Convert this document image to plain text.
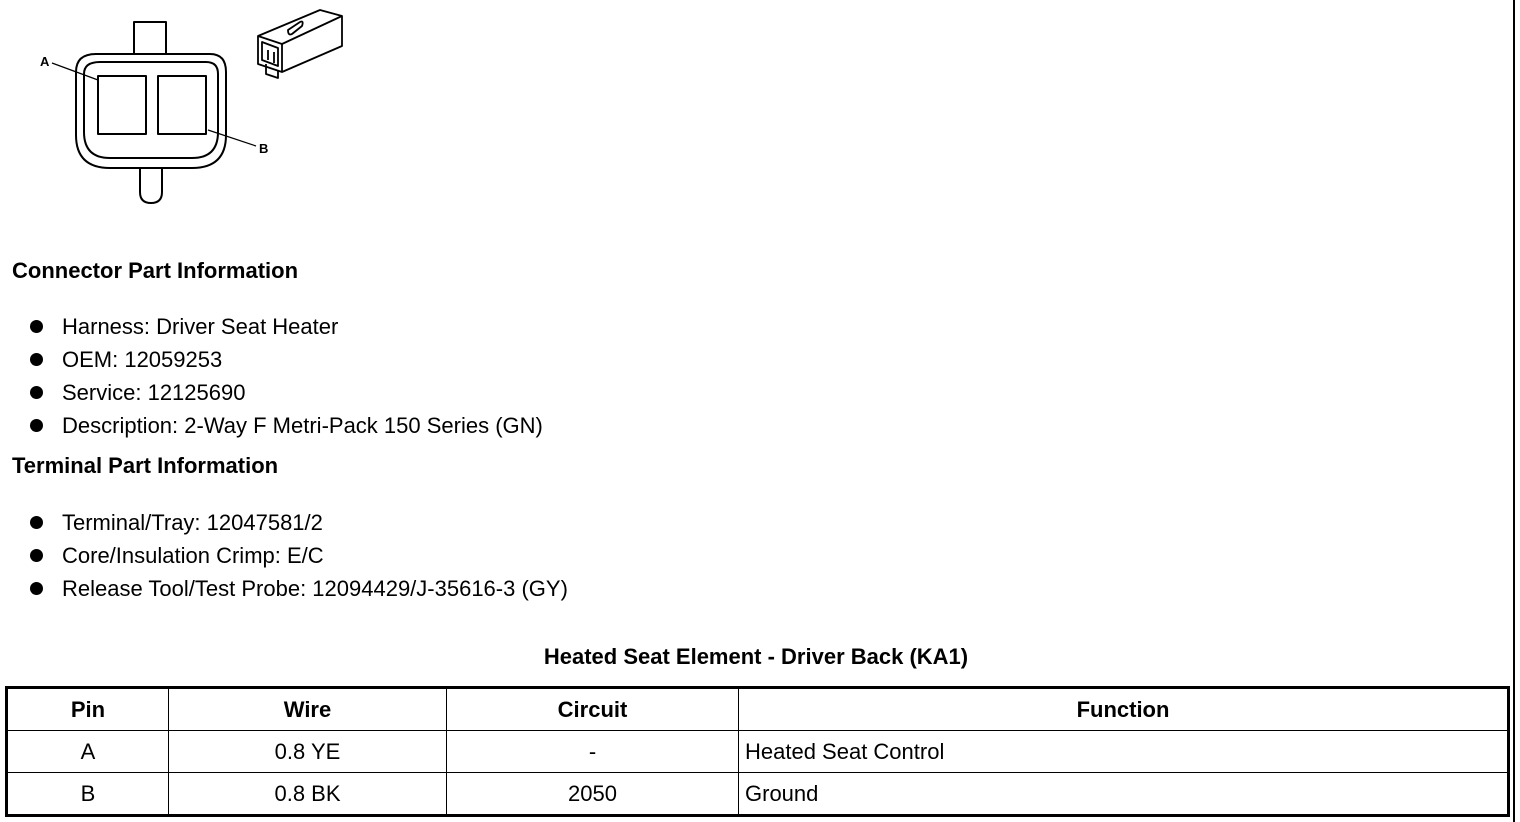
A
B
Connector Part Information
Harness: Driver Seat Heater
OEM: 12059253
Service: 12125690
Description: 2-Way F Metri-Pack 150 Series (GN)
Terminal Part Information
Terminal/Tray: 12047581/2
Core/Insulation Crimp: E/C
Release Tool/Test Probe: 12094429/J-35616-3 (GY)
Heated Seat Element - Driver Back (KA1)
Pin	Wire	Circuit	Function
A	0.8 YE	-	Heated Seat Control
B	0.8 BK	2050	Ground
